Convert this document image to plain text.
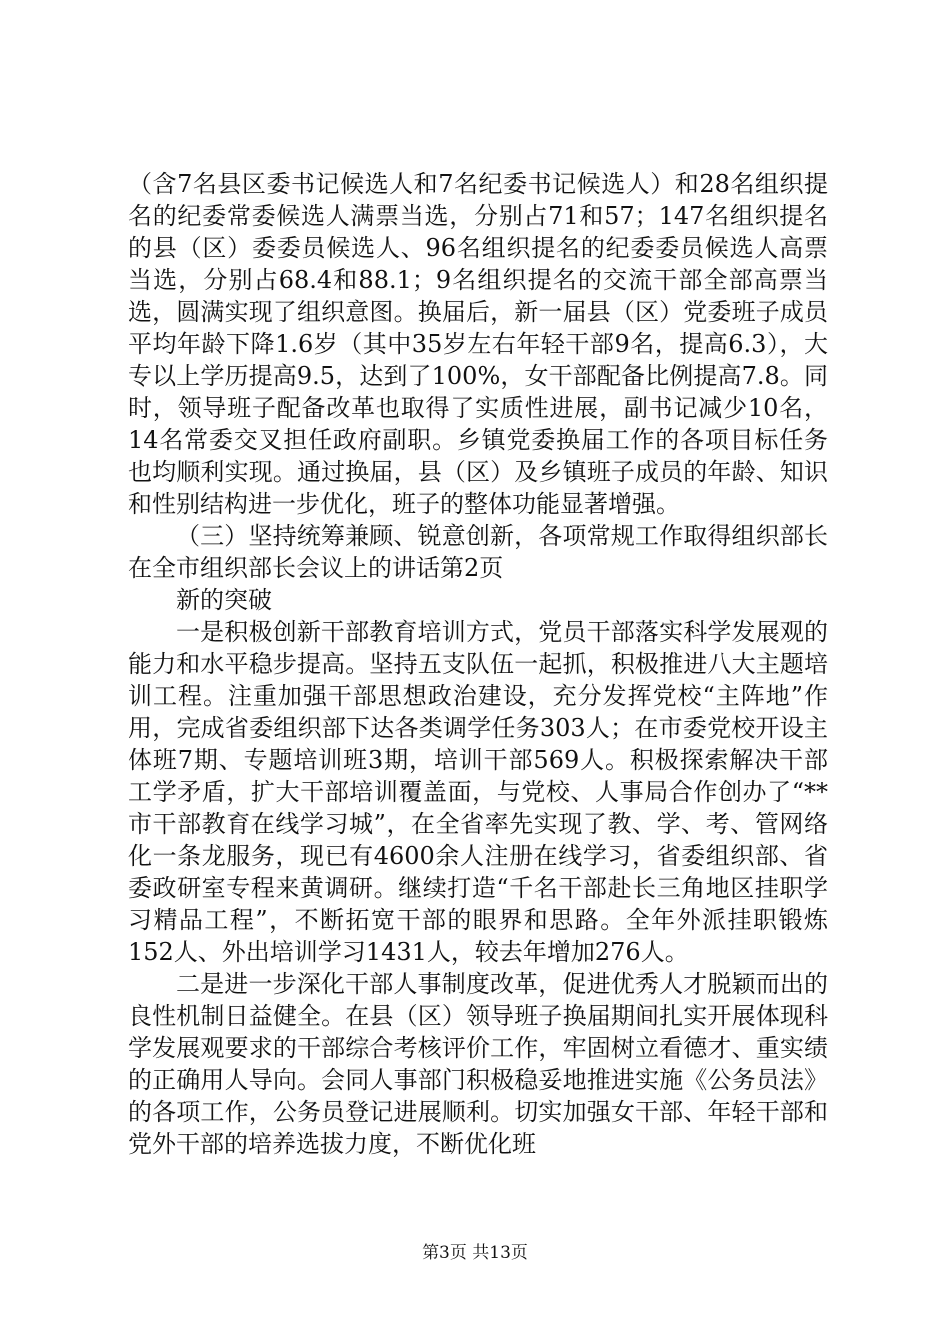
（含7名县区委书记候选人和7名纪委书记候选人）和28名组织提名的纪委常委候选人满票当选，分别占71和57；147名组织提名的县（区）委委员候选人、96名组织提名的纪委委员候选人高票当选，分别占68.4和88.1；9名组织提名的交流干部全部高票当选，圆满实现了组织意图。换届后，新一届县（区）党委班子成员平均年龄下降1.6岁（其中35岁左右年轻干部9名，提高6.3），大专以上学历提高9.5，达到了100%，女干部配备比例提高7.8。同时，领导班子配备改革也取得了实质性进展，副书记减少10名，14名常委交叉担任政府副职。乡镇党委换届工作的各项目标任务也均顺利实现。通过换届，县（区）及乡镇班子成员的年龄、知识和性别结构进一步优化，班子的整体功能显著增强。

（三）坚持统筹兼顾、锐意创新，各项常规工作取得组织部长在全市组织部长会议上的讲话第2页

新的突破

一是积极创新干部教育培训方式，党员干部落实科学发展观的能力和水平稳步提高。坚持五支队伍一起抓，积极推进八大主题培训工程。注重加强干部思想政治建设，充分发挥党校“主阵地”作用，完成省委组织部下达各类调学任务303人；在市委党校开设主体班7期、专题培训班3期，培训干部569人。积极探索解决干部工学矛盾，扩大干部培训覆盖面，与党校、人事局合作创办了“**市干部教育在线学习城”，在全省率先实现了教、学、考、管网络化一条龙服务，现已有4600余人注册在线学习，省委组织部、省委政研室专程来黄调研。继续打造“千名干部赴长三角地区挂职学习精品工程”，不断拓宽干部的眼界和思路。全年外派挂职锻炼152人、外出培训学习1431人，较去年增加276人。

二是进一步深化干部人事制度改革，促进优秀人才脱颖而出的良性机制日益健全。在县（区）领导班子换届期间扎实开展体现科学发展观要求的干部综合考核评价工作，牢固树立看德才、重实绩的正确用人导向。会同人事部门积极稳妥地推进实施《公务员法》的各项工作，公务员登记进展顺利。切实加强女干部、年轻干部和党外干部的培养选拔力度，不断优化班

第3页 共13页
